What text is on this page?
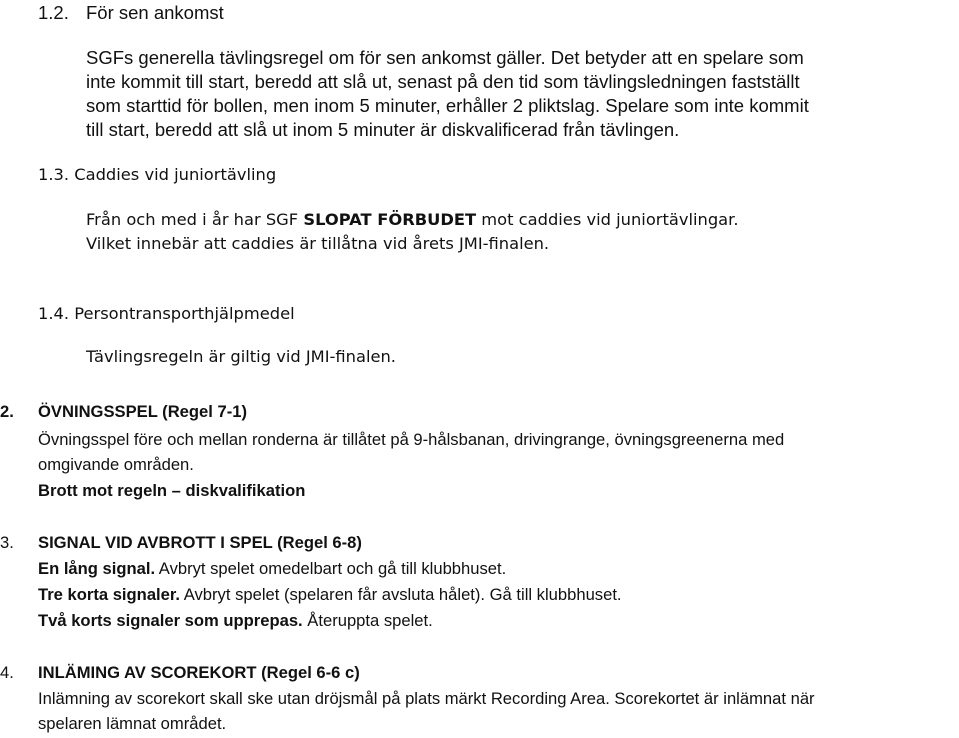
1.2. För sen ankomst
SGFs generella tävlingsregel om för sen ankomst gäller. Det betyder att en spelare som
inte kommit till start, beredd att slå ut, senast på den tid som tävlingsledningen fastställt
som starttid för bollen, men inom 5 minuter, erhåller 2 pliktslag. Spelare som inte kommit
till start, beredd att slå ut inom 5 minuter är diskvalificerad från tävlingen.
1.3. Caddies vid juniortävling
Från och med i år har SGF SLOPAT FÖRBUDET mot caddies vid juniortävlingar.
Vilket innebär att caddies är tillåtna vid årets JMI-finalen.
1.4. Persontransporthjälpmedel
Tävlingsregeln är giltig vid JMI-finalen.
2. ÖVNINGSSPEL (Regel 7-1)
Övningsspel före och mellan ronderna är tillåtet på 9-hålsbanan, drivingrange, övningsgreenerna med
omgivande områden.
Brott mot regeln – diskvalifikation
3. SIGNAL VID AVBROTT I SPEL (Regel 6-8)
En lång signal. Avbryt spelet omedelbart och gå till klubbhuset.
Tre korta signaler. Avbryt spelet (spelaren får avsluta hålet). Gå till klubbhuset.
Två korts signaler som upprepas. Återuppta spelet.
4. INLÄMING AV SCOREKORT (Regel 6-6 c)
Inlämning av scorekort skall ske utan dröjsmål på plats märkt Recording Area. Scorekortet är inlämnat när
spelaren lämnat området.
